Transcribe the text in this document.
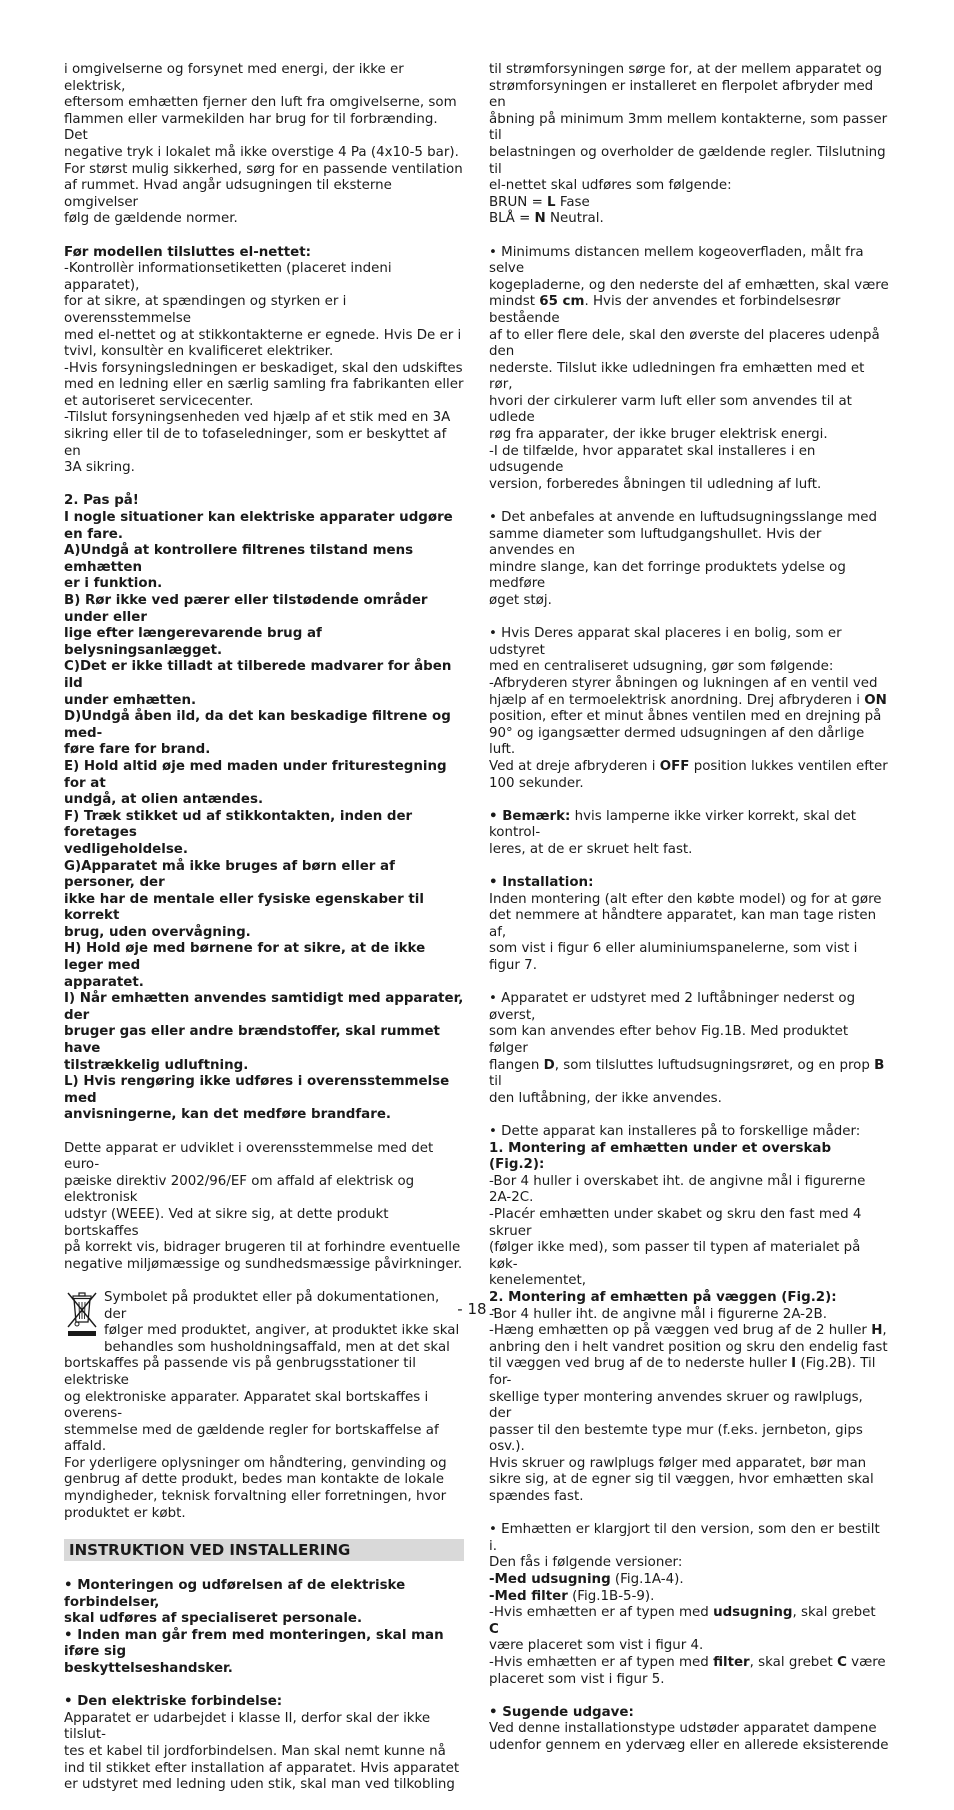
i omgivelserne og forsynet med energi, der ikke er elektrisk,
eftersom emhætten fjerner den luft fra omgivelserne, som
flammen eller varmekilden har brug for til forbrænding. Det
negative tryk i lokalet må ikke overstige 4 Pa (4x10-5 bar).
For størst mulig sikkerhed, sørg for en passende ventilation
af rummet. Hvad angår udsugningen til eksterne omgivelser
følg de gældende normer.
Før modellen tilsluttes el-nettet:
-Kontrollèr informationsetiketten (placeret indeni apparatet),
for at sikre, at spændingen og styrken er i overensstemmelse
med el-nettet og at stikkontakterne er egnede. Hvis De er i
tvivl, konsultèr en kvalificeret elektriker.
-Hvis forsyningsledningen er beskadiget, skal den udskiftes
med en ledning eller en særlig samling fra fabrikanten eller
et autoriseret servicecenter.
-Tilslut forsyningsenheden ved hjælp af et stik med en 3A
sikring eller til de to tofaseledninger, som er beskyttet af en
3A sikring.
2. Pas på!
I nogle situationer kan elektriske apparater udgøre en fare.
A)Undgå at kontrollere filtrenes tilstand mens emhætten
er i funktion.
B) Rør ikke ved pærer eller tilstødende områder under eller
lige efter længerevarende brug af belysningsanlægget.
C)Det er ikke tilladt at tilberede madvarer for åben ild
under emhætten.
D)Undgå åben ild, da det kan beskadige filtrene og med-
føre fare for brand.
E) Hold altid øje med maden under friturestegning for at
undgå, at olien antændes.
F) Træk stikket ud af stikkontakten, inden der foretages
vedligeholdelse.
G)Apparatet må ikke bruges af børn eller af personer, der
ikke har de mentale eller fysiske egenskaber til korrekt
brug, uden overvågning.
H) Hold øje med børnene for at sikre, at de ikke leger med
apparatet.
I) Når emhætten anvendes samtidigt med apparater, der
bruger gas eller andre brændstoffer, skal rummet have
tilstrækkelig udluftning.
L) Hvis rengøring ikke udføres i overensstemmelse med
anvisningerne, kan det medføre brandfare.
Dette apparat er udviklet i overensstemmelse med det euro-
pæiske direktiv 2002/96/EF om affald af elektrisk og elektronisk
udstyr (WEEE). Ved at sikre sig, at dette produkt bortskaffes
på korrekt vis, bidrager brugeren til at forhindre eventuelle
negative miljømæssige og sundhedsmæssige påvirkninger.
Symbolet på produktet eller på dokumentationen, der
følger med produktet, angiver, at produktet ikke skal
behandles som husholdningsaffald, men at det skal
bortskaffes på passende vis på genbrugsstationer til elektriske
og elektroniske apparater. Apparatet skal bortskaffes i overens-
stemmelse med de gældende regler for bortskaffelse af affald.
For yderligere oplysninger om håndtering, genvinding og
genbrug af dette produkt, bedes man kontakte de lokale
myndigheder, teknisk forvaltning eller forretningen, hvor
produktet er købt.
INSTRUKTION VED INSTALLERING
• Monteringen og udførelsen af de elektriske forbindelser,
skal udføres af specialiseret personale.
• Inden man går frem med monteringen, skal man iføre sig
beskyttelseshandsker.
• Den elektriske forbindelse:
Apparatet er udarbejdet i klasse II, derfor skal der ikke tilslut-
tes et kabel til jordforbindelsen. Man skal nemt kunne nå
ind til stikket efter installation af apparatet. Hvis apparatet
er udstyret med ledning uden stik, skal man ved tilkobling
til strømforsyningen sørge for, at der mellem apparatet og
strømforsyningen er installeret en flerpolet afbryder med en
åbning på minimum 3mm mellem kontakterne, som passer til
belastningen og overholder de gældende regler. Tilslutning til
el-nettet skal udføres som følgende:
BRUN = L Fase
BLÅ = N Neutral.
• Minimums distancen mellem kogeoverfladen, målt fra selve
kogepladerne, og den nederste del af emhætten, skal være
mindst 65 cm. Hvis der anvendes et forbindelsesrør bestående
af to eller flere dele, skal den øverste del placeres udenpå den
nederste. Tilslut ikke udledningen fra emhætten med et rør,
hvori der cirkulerer varm luft eller som anvendes til at udlede
røg fra apparater, der ikke bruger elektrisk energi.
-I de tilfælde, hvor apparatet skal installeres i en udsugende
version, forberedes åbningen til udledning af luft.
• Det anbefales at anvende en luftudsugningsslange med
samme diameter som luftudgangshullet. Hvis der anvendes en
mindre slange, kan det forringe produktets ydelse og medføre
øget støj.
• Hvis Deres apparat skal placeres i en bolig, som er udstyret
med en centraliseret udsugning, gør som følgende:
-Afbryderen styrer åbningen og lukningen af en ventil ved
hjælp af en termoelektrisk anordning. Drej afbryderen i ON
position, efter et minut åbnes ventilen med en drejning på
90° og igangsætter dermed udsugningen af den dårlige luft.
Ved at dreje afbryderen i OFF position lukkes ventilen efter
100 sekunder.
• Bemærk: hvis lamperne ikke virker korrekt, skal det kontrol-
leres, at de er skruet helt fast.
• Installation:
Inden montering (alt efter den købte model) og for at gøre
det nemmere at håndtere apparatet, kan man tage risten af,
som vist i figur 6 eller aluminiumspanelerne, som vist i figur 7.
• Apparatet er udstyret med 2 luftåbninger nederst og øverst,
som kan anvendes efter behov Fig.1B. Med produktet følger
flangen D, som tilsluttes luftudsugningsrøret, og en prop B til
den luftåbning, der ikke anvendes.
• Dette apparat kan installeres på to forskellige måder:
1. Montering af emhætten under et overskab (Fig.2):
-Bor 4 huller i overskabet iht. de angivne mål i figurerne 2A-2C.
-Placér emhætten under skabet og skru den fast med 4 skruer
(følger ikke med), som passer til typen af materialet på køk-
kenelementet,
2. Montering af emhætten på væggen (Fig.2):
-Bor 4 huller iht. de angivne mål i figurerne 2A-2B.
-Hæng emhætten op på væggen ved brug af de 2 huller H,
anbring den i helt vandret position og skru den endelig fast
til væggen ved brug af de to nederste huller I (Fig.2B). Til for-
skellige typer montering anvendes skruer og rawlplugs, der
passer til den bestemte type mur (f.eks. jernbeton, gips osv.).
Hvis skruer og rawlplugs følger med apparatet, bør man
sikre sig, at de egner sig til væggen, hvor emhætten skal
spændes fast.
• Emhætten er klargjort til den version, som den er bestilt i.
Den fås i følgende versioner:
-Med udsugning (Fig.1A-4).
-Med filter (Fig.1B-5-9).
-Hvis emhætten er af typen med udsugning, skal grebet C
være placeret som vist i figur 4.
-Hvis emhætten er af typen med filter, skal grebet C være
placeret som vist i figur 5.
• Sugende udgave:
Ved denne installationstype udstøder apparatet dampene
udenfor gennem en ydervæg eller en allerede eksisterende
- 18 -
